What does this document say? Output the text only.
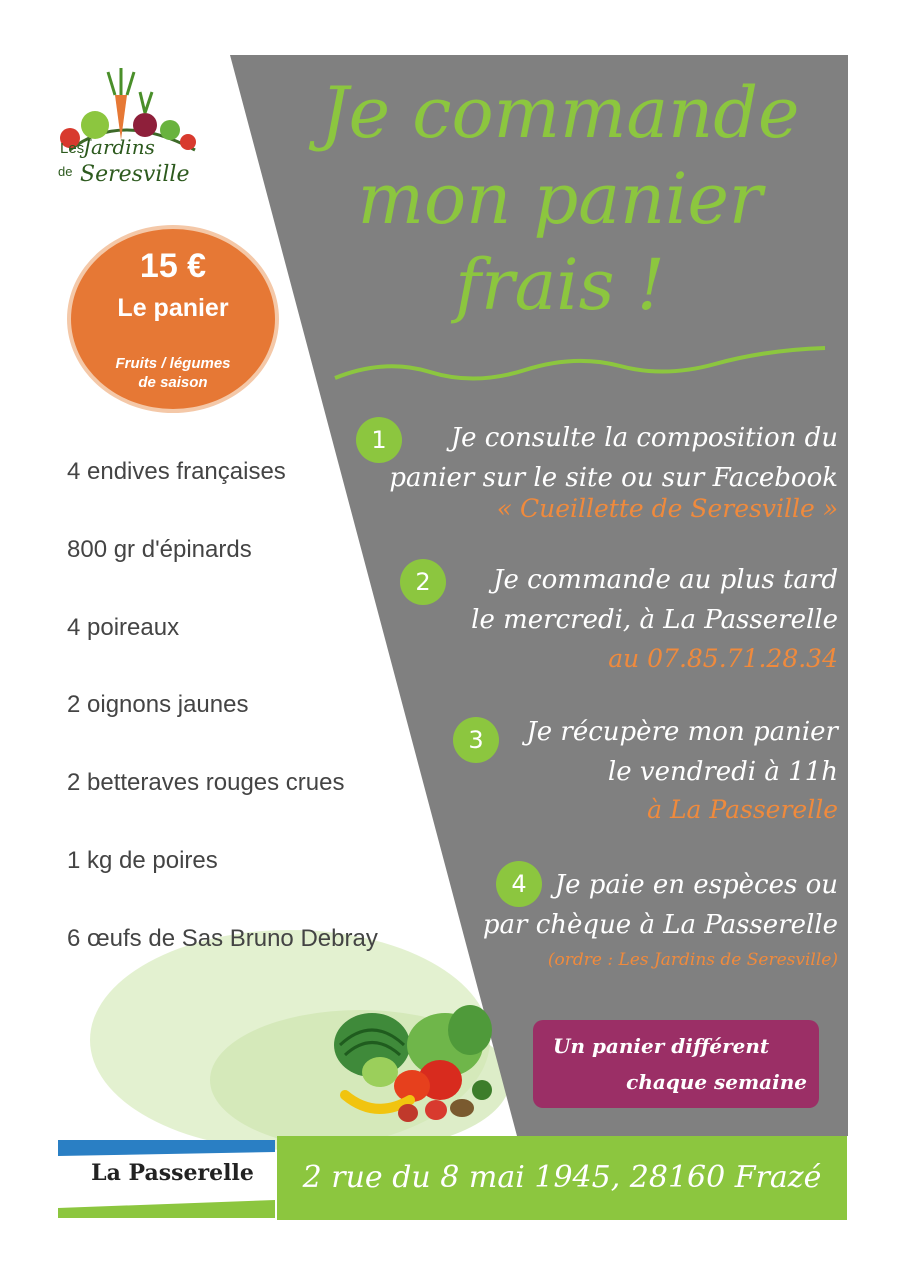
Les
Jardins
de Seresville
15 €
Le panier
Fruits / légumes
de saison
4 endives françaises
800 gr d'épinards
4 poireaux
2 oignons jaunes
2 betteraves rouges crues
1 kg de poires
6 œufs de Sas Bruno Debray
Je commande
mon panier
frais !
1	Je consulte la composition du
panier sur le site ou sur Facebook
« Cueillette de Seresville »
2	Je commande au plus tard
le mercredi, à La Passerelle
au 07.85.71.28.34
3	Je récupère mon panier
le vendredi à 11h
à La Passerelle
4	Je paie en espèces ou
par chèque à La Passerelle
(ordre : Les Jardins de Seresville)
Un panier différent
chaque semaine
2 rue du 8 mai 1945, 28160 Frazé
La Passerelle
